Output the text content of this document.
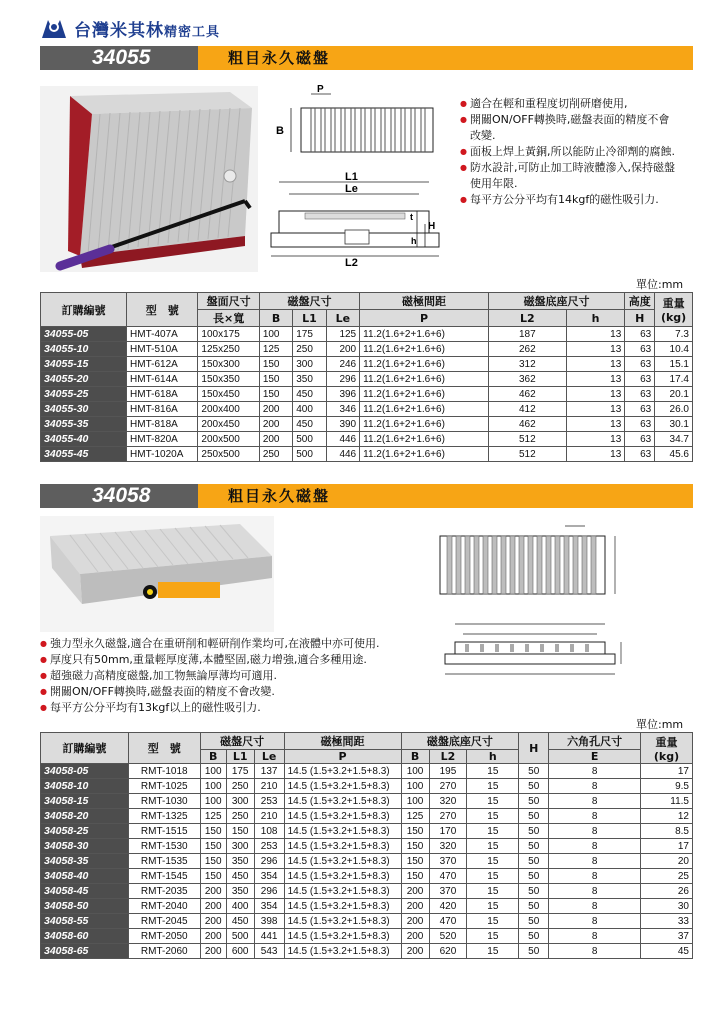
台灣米其林精密工具
34055	粗目永久磁盤
P
B
L1
Le
t
H
h
L2
● 適合在輕和重程度切削研磨使用,
● 開關ON/OFF轉換時,磁盤表面的精度不會改變.
● 面板上焊上黃銅,所以能防止冷卻劑的腐蝕.
● 防水設計,可防止加工時液體滲入,保持磁盤使用年限.
● 每平方公分平均有14kgf的磁性吸引力.
單位:mm
訂購編號	型　號	盤面尺寸	磁盤尺寸			磁極間距	磁盤底座尺寸		高度	重量
(kg)
		長×寬	B	L1	Le	P	L2	h	H	
34055-05	HMT-407A	100x175	100	175	125	11.2(1.6+2+1.6+6)	187	13	63	7.3
34055-10	HMT-510A	125x250	125	250	200	11.2(1.6+2+1.6+6)	262	13	63	10.4
34055-15	HMT-612A	150x300	150	300	246	11.2(1.6+2+1.6+6)	312	13	63	15.1
34055-20	HMT-614A	150x350	150	350	296	11.2(1.6+2+1.6+6)	362	13	63	17.4
34055-25	HMT-618A	150x450	150	450	396	11.2(1.6+2+1.6+6)	462	13	63	20.1
34055-30	HMT-816A	200x400	200	400	346	11.2(1.6+2+1.6+6)	412	13	63	26.0
34055-35	HMT-818A	200x450	200	450	390	11.2(1.6+2+1.6+6)	462	13	63	30.1
34055-40	HMT-820A	200x500	200	500	446	11.2(1.6+2+1.6+6)	512	13	63	34.7
34055-45	HMT-1020A	250x500	250	500	446	11.2(1.6+2+1.6+6)	512	13	63	45.6
34058	粗目永久磁盤
● 強力型永久磁盤,適合在重研削和輕研削作業均可,在液體中亦可使用.
● 厚度只有50mm,重量輕厚度薄,本體堅固,磁力增強,適合多種用途.
● 超強磁力高精度磁盤,加工物無論厚薄均可適用.
● 開關ON/OFF轉換時,磁盤表面的精度不會改變.
● 每平方公分平均有13kgf以上的磁性吸引力.
單位:mm
訂購編號	型　號	磁盤尺寸			磁極間距	磁盤底座尺寸			H	六角孔尺寸	重量
(kg)
		B	L1	Le	P	B	L2	h		E	
34058-05	RMT-1018	100	175	137	14.5 (1.5+3.2+1.5+8.3)	100	195	15	50	8	17
34058-10	RMT-1025	100	250	210	14.5 (1.5+3.2+1.5+8.3)	100	270	15	50	8	9.5
34058-15	RMT-1030	100	300	253	14.5 (1.5+3.2+1.5+8.3)	100	320	15	50	8	11.5
34058-20	RMT-1325	125	250	210	14.5 (1.5+3.2+1.5+8.3)	125	270	15	50	8	12
34058-25	RMT-1515	150	150	108	14.5 (1.5+3.2+1.5+8.3)	150	170	15	50	8	8.5
34058-30	RMT-1530	150	300	253	14.5 (1.5+3.2+1.5+8.3)	150	320	15	50	8	17
34058-35	RMT-1535	150	350	296	14.5 (1.5+3.2+1.5+8.3)	150	370	15	50	8	20
34058-40	RMT-1545	150	450	354	14.5 (1.5+3.2+1.5+8.3)	150	470	15	50	8	25
34058-45	RMT-2035	200	350	296	14.5 (1.5+3.2+1.5+8.3)	200	370	15	50	8	26
34058-50	RMT-2040	200	400	354	14.5 (1.5+3.2+1.5+8.3)	200	420	15	50	8	30
34058-55	RMT-2045	200	450	398	14.5 (1.5+3.2+1.5+8.3)	200	470	15	50	8	33
34058-60	RMT-2050	200	500	441	14.5 (1.5+3.2+1.5+8.3)	200	520	15	50	8	37
34058-65	RMT-2060	200	600	543	14.5 (1.5+3.2+1.5+8.3)	200	620	15	50	8	45
